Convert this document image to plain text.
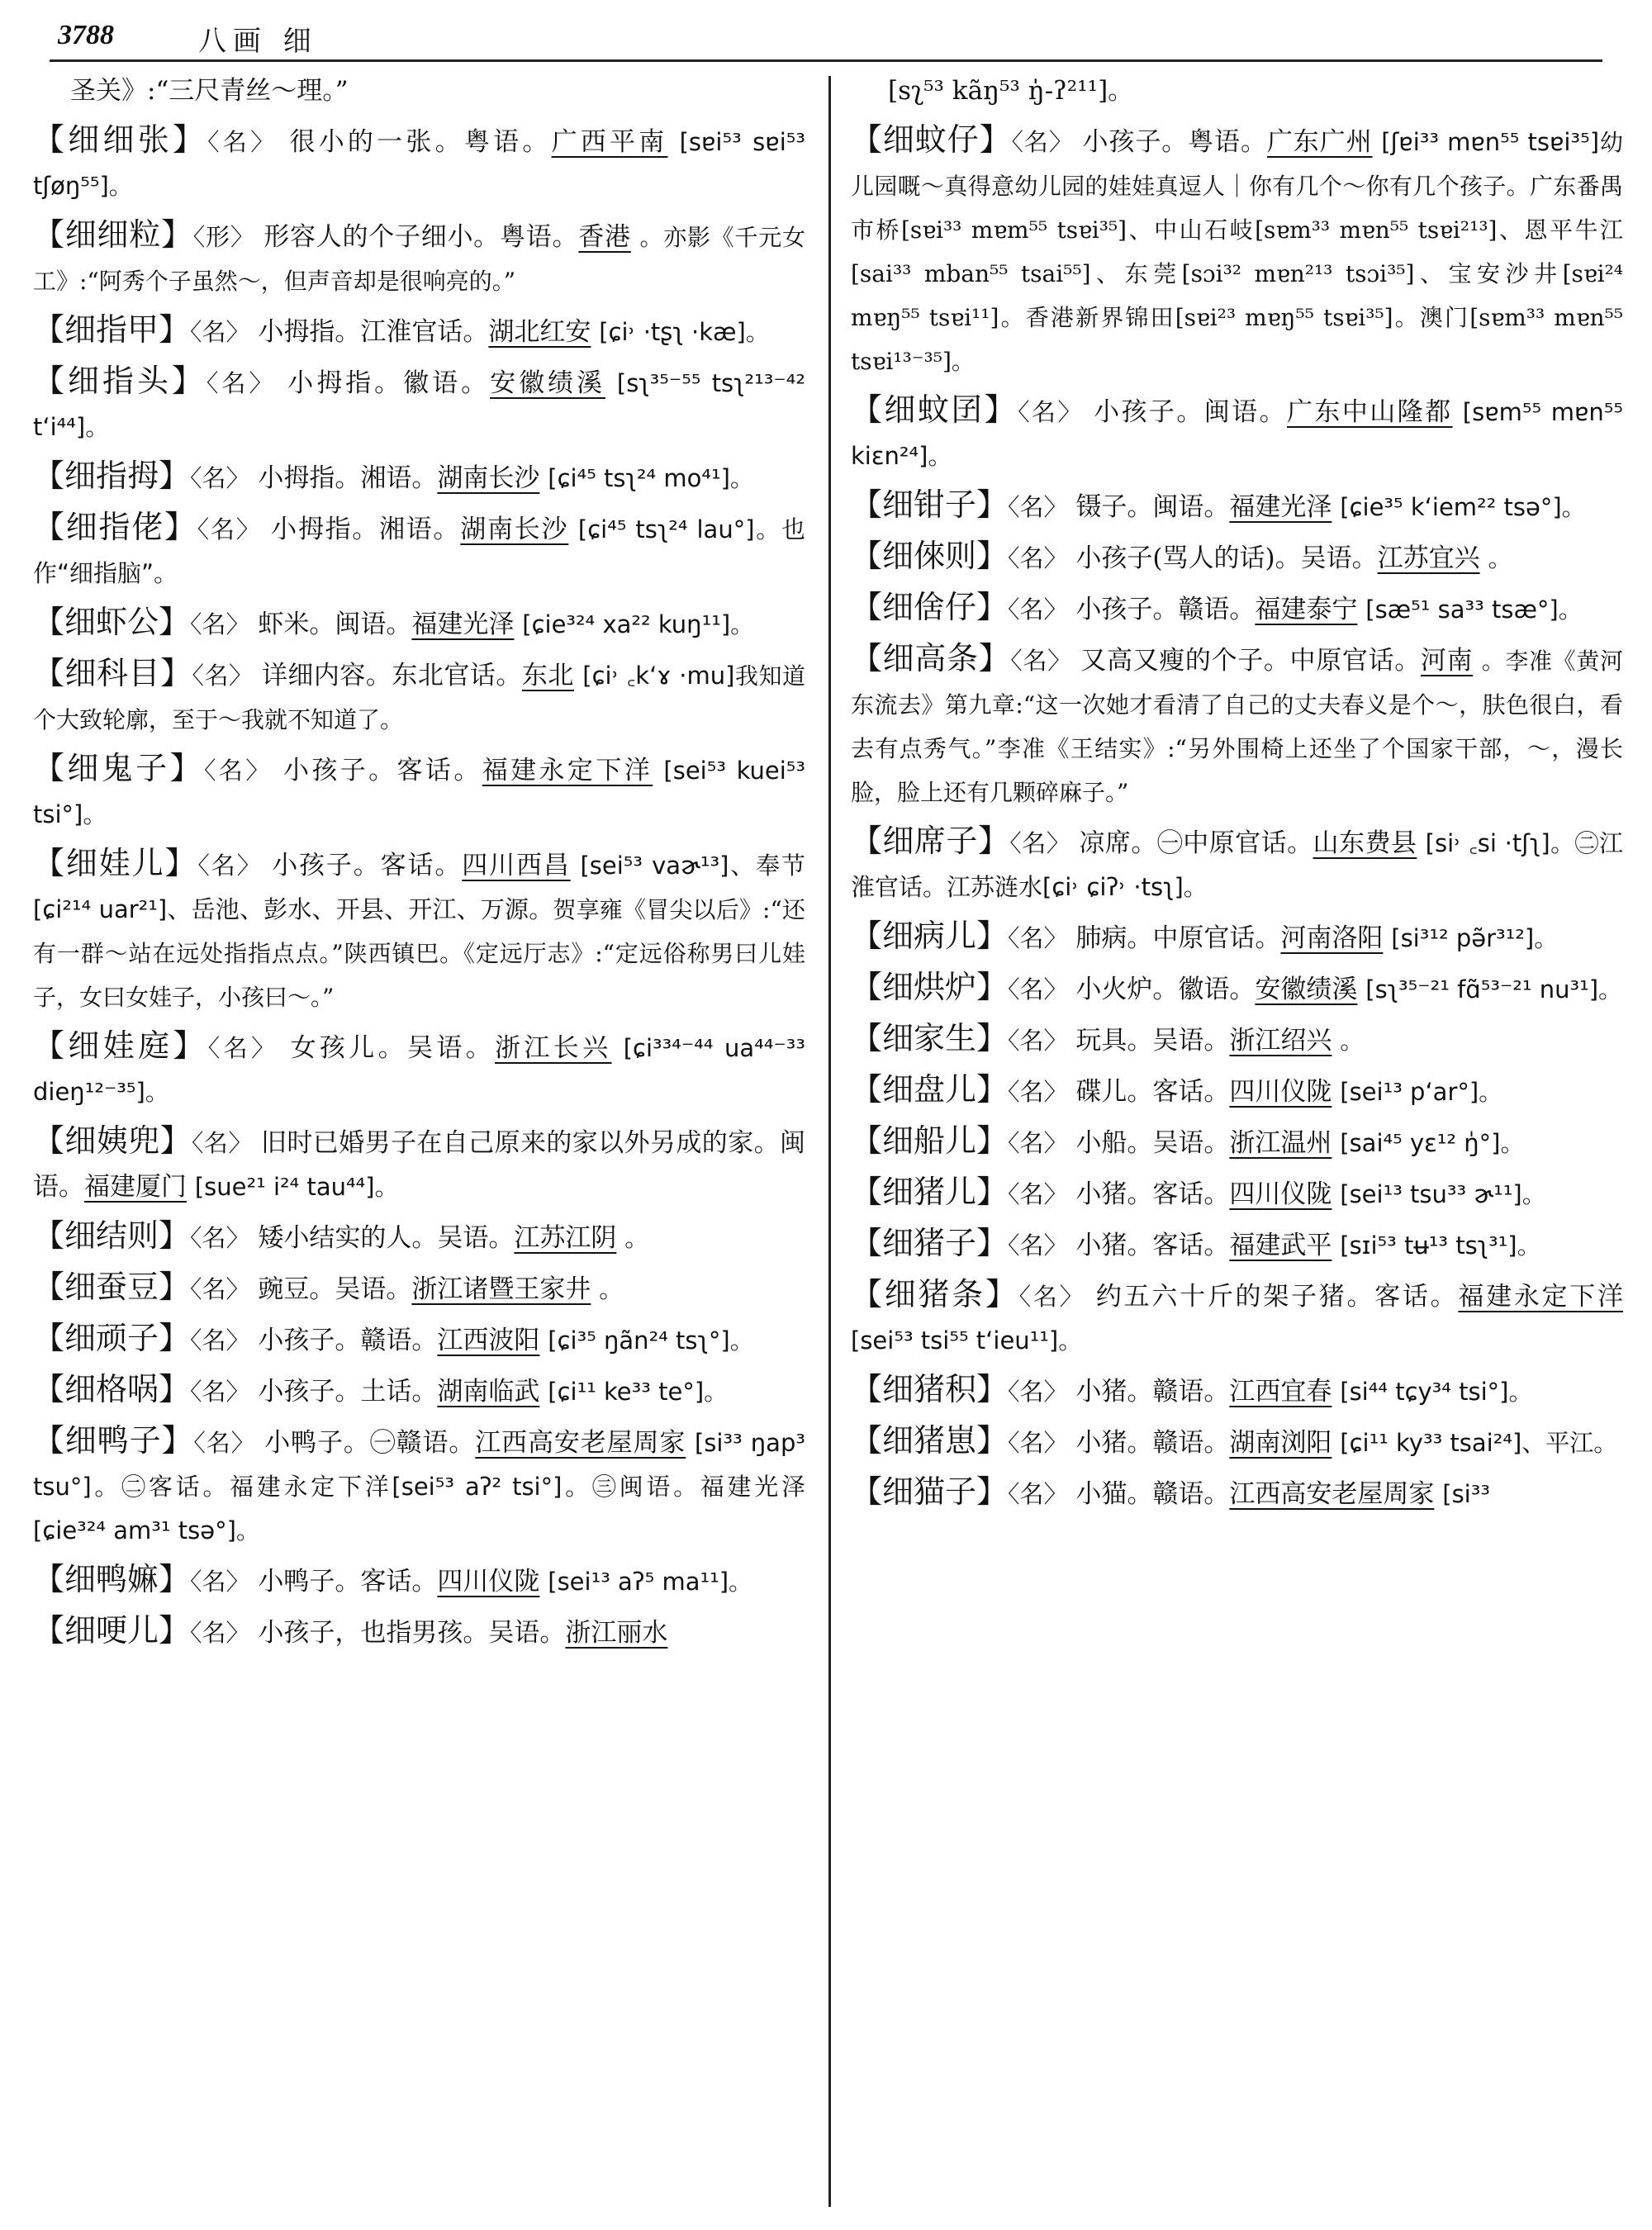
3788	八画 细

圣关》:“三尺青丝～理。”

【细细张】〈名〉 很小的一张。粤语。广西平南 [sɐi⁵³ sɐi⁵³ tʃøŋ⁵⁵]。

【细细粒】〈形〉 形容人的个子细小。粤语。香港 。亦影《千元女工》:“阿秀个子虽然～，但声音却是很响亮的。”

【细指甲】〈名〉 小拇指。江淮官话。湖北红安 [ɕi˒ ·tʂʅ ·kæ]。

【细指头】〈名〉 小拇指。徽语。安徽绩溪 [sʅ³⁵⁻⁵⁵ tsʅ²¹³⁻⁴² t‘i⁴⁴]。

【细指拇】〈名〉 小拇指。湘语。湖南长沙 [ɕi⁴⁵ tsʅ²⁴ mo⁴¹]。

【细指佬】〈名〉 小拇指。湘语。湖南长沙 [ɕi⁴⁵ tsʅ²⁴ lau°]。也作“细指脑”。

【细虾公】〈名〉 虾米。闽语。福建光泽 [ɕie³²⁴ xa²² kuŋ¹¹]。

【细科目】〈名〉 详细内容。东北官话。东北 [ɕi˒ ꜀k‘ɤ ·mu]我知道个大致轮廓，至于～我就不知道了。

【细鬼子】〈名〉 小孩子。客话。福建永定下洋 [sei⁵³ kuei⁵³ tsi°]。

【细娃儿】〈名〉 小孩子。客话。四川西昌 [sei⁵³ vaɚ¹³]、奉节[ɕi²¹⁴ uar²¹]、岳池、彭水、开县、开江、万源。贺享雍《冒尖以后》:“还有一群～站在远处指指点点。”陕西镇巴。《定远厅志》:“定远俗称男曰儿娃子，女曰女娃子，小孩曰～。”

【细娃庭】〈名〉 女孩儿。吴语。浙江长兴 [ɕi³³⁴⁻⁴⁴ ua⁴⁴⁻³³ dieŋ¹²⁻³⁵]。

【细姨兜】〈名〉 旧时已婚男子在自己原来的家以外另成的家。闽语。福建厦门 [sue²¹ i²⁴ tau⁴⁴]。

【细结则】〈名〉 矮小结实的人。吴语。江苏江阴 。

【细蚕豆】〈名〉 豌豆。吴语。浙江诸暨王家井 。

【细顽子】〈名〉 小孩子。赣语。江西波阳 [ɕi³⁵ ŋãn²⁴ tsʅ°]。

【细格㖞】〈名〉 小孩子。土话。湖南临武 [ɕi¹¹ ke³³ te°]。

【细鸭子】〈名〉 小鸭子。㊀赣语。江西高安老屋周家 [si³³ ŋap³ tsu°]。㊁客话。福建永定下洋[sei⁵³ aʔ² tsi°]。㊂闽语。福建光泽[ɕie³²⁴ am³¹ tsə°]。

【细鸭嫲】〈名〉 小鸭子。客话。四川仪陇 [sei¹³ aʔ⁵ ma¹¹]。

【细哽儿】〈名〉 小孩子，也指男孩。吴语。浙江丽水

[sʅ⁵³ kãŋ⁵³ ŋ̍-ʔ²¹¹]。

【细蚊仔】〈名〉 小孩子。粤语。广东广州 [ʃɐi³³ mɐn⁵⁵ tsɐi³⁵]幼儿园嘅～真得意幼儿园的娃娃真逗人｜你有几个～你有几个孩子。广东番禺市桥[sɐi³³ mɐm⁵⁵ tsɐi³⁵]、中山石岐[sɐm³³ mɐn⁵⁵ tsɐi²¹³]、恩平牛江[sai³³ mban⁵⁵ tsai⁵⁵]、东莞[sɔi³² mɐn²¹³ tsɔi³⁵]、宝安沙井[sɐi²⁴ mɐŋ⁵⁵ tsɐi¹¹]。香港新界锦田[sɐi²³ mɐŋ⁵⁵ tsɐi³⁵]。澳门[sɐm³³ mɐn⁵⁵ tsɐi¹³⁻³⁵]。

【细蚊囝】〈名〉 小孩子。闽语。广东中山隆都 [sɐm⁵⁵ mɐn⁵⁵ kiɛn²⁴]。

【细钳子】〈名〉 镊子。闽语。福建光泽 [ɕie³⁵ k‘iem²² tsə°]。

【细倈则】〈名〉 小孩子(骂人的话)。吴语。江苏宜兴 。

【细倽仔】〈名〉 小孩子。赣语。福建泰宁 [sæ⁵¹ sa³³ tsæ°]。

【细高条】〈名〉 又高又瘦的个子。中原官话。河南 。李准《黄河东流去》第九章:“这一次她才看清了自己的丈夫春义是个～，肤色很白，看去有点秀气。”李准《王结实》:“另外围椅上还坐了个国家干部，～，漫长脸，脸上还有几颗碎麻子。”

【细席子】〈名〉 凉席。㊀中原官话。山东费县 [si˒ ꜀si ·tʃʅ]。㊁江淮官话。江苏涟水[ɕi˒ ɕiʔ˒ ·tsʅ]。

【细病儿】〈名〉 肺病。中原官话。河南洛阳 [si³¹² pə̃r³¹²]。

【细烘炉】〈名〉 小火炉。徽语。安徽绩溪 [sʅ³⁵⁻²¹ fɑ̃⁵³⁻²¹ nu³¹]。

【细家生】〈名〉 玩具。吴语。浙江绍兴 。

【细盘儿】〈名〉 碟儿。客话。四川仪陇 [sei¹³ p‘ar°]。

【细船儿】〈名〉 小船。吴语。浙江温州 [sai⁴⁵ yɛ¹² ŋ̍°]。

【细猪儿】〈名〉 小猪。客话。四川仪陇 [sei¹³ tsu³³ ɚ¹¹]。

【细猪子】〈名〉 小猪。客话。福建武平 [sɪi⁵³ tʉ¹³ tsʅ³¹]。

【细猪条】〈名〉 约五六十斤的架子猪。客话。福建永定下洋 [sei⁵³ tsi⁵⁵ t‘ieu¹¹]。

【细猪积】〈名〉 小猪。赣语。江西宜春 [si⁴⁴ tɕy³⁴ tsi°]。

【细猪崽】〈名〉 小猪。赣语。湖南浏阳 [ɕi¹¹ ky³³ tsai²⁴]、平江。

【细猫子】〈名〉 小猫。赣语。江西高安老屋周家 [si³³
